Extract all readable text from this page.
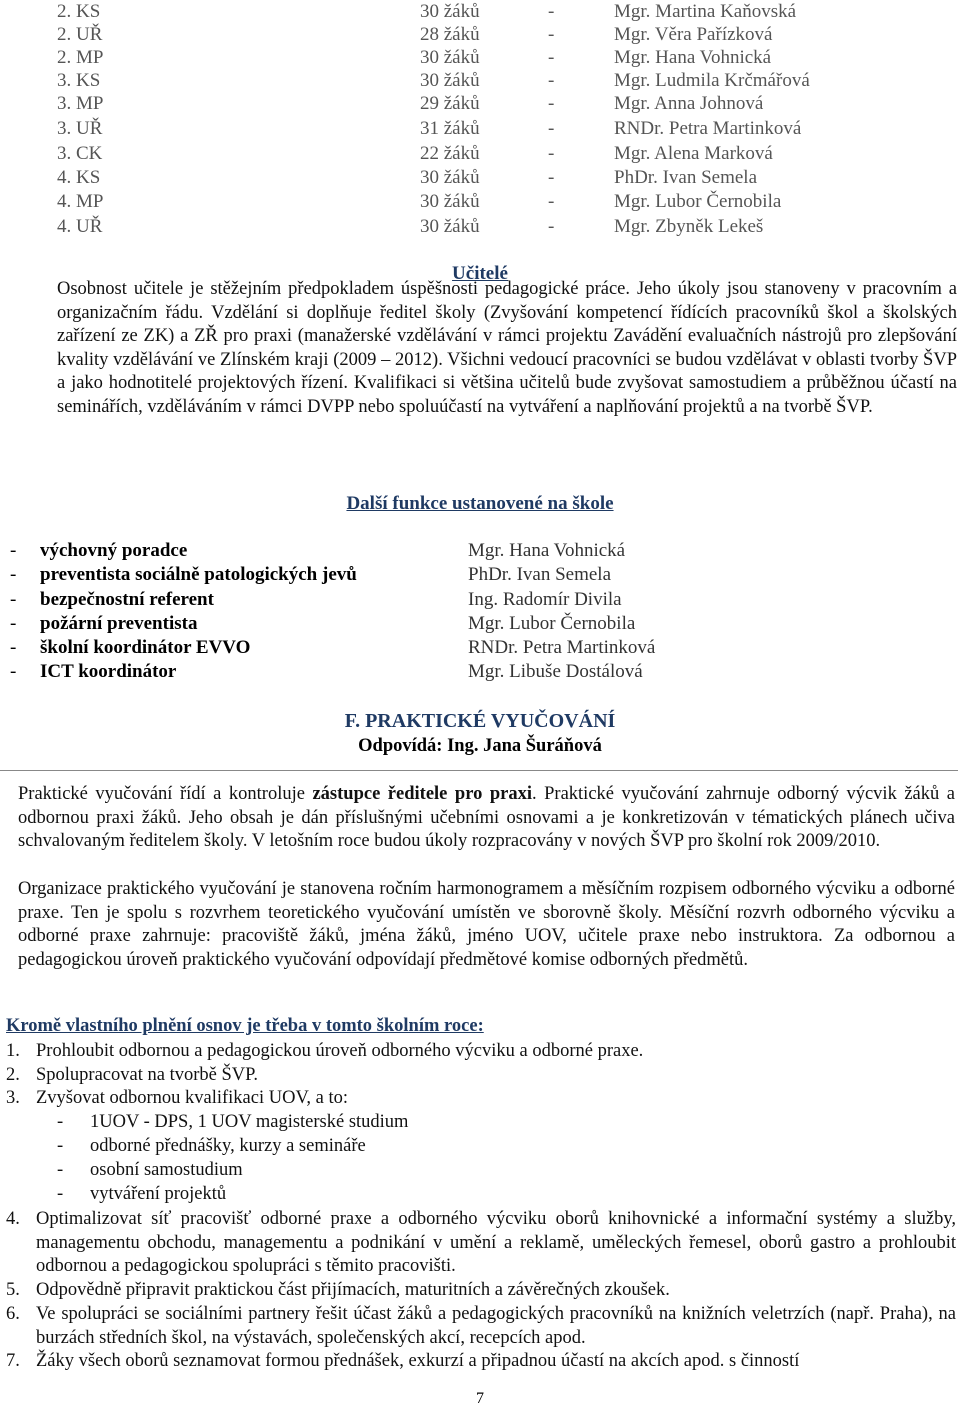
2. KS	30 žáků	-	Mgr. Martina Kaňovská
2. UŘ	28 žáků	-	Mgr. Věra Pařízková
2. MP	30 žáků	-	Mgr. Hana Vohnická
3. KS	30 žáků	-	Mgr. Ludmila Krčmářová
3. MP	29 žáků	-	Mgr. Anna Johnová
3. UŘ	31 žáků	-	RNDr. Petra Martinková
3. CK	22 žáků	-	Mgr. Alena Marková
4. KS	30 žáků	-	PhDr. Ivan Semela
4. MP	30 žáků	-	Mgr. Lubor Černobila
4. UŘ	30 žáků	-	Mgr. Zbyněk Lekeš
Učitelé
Osobnost učitele je stěžejním předpokladem úspěšnosti pedagogické práce. Jeho úkoly jsou stanoveny v pracovním a organizačním řádu. Vzdělání si doplňuje ředitel školy (Zvyšování kompetencí řídících pracovníků škol a školských zařízení ze ZK) a ZŘ pro praxi (manažerské vzdělávání v rámci projektu Zavádění evaluačních nástrojů pro zlepšování kvality vzdělávání ve Zlínském kraji (2009 – 2012). Všichni vedoucí pracovníci se budou vzdělávat v oblasti tvorby ŠVP a jako hodnotitelé projektových řízení. Kvalifikaci si většina učitelů bude zvyšovat samostudiem a průběžnou účastí na seminářích, vzděláváním v rámci DVPP nebo spoluúčastí na vytváření a naplňování projektů a na tvorbě ŠVP.
Další funkce ustanovené na škole
- výchovný poradce	Mgr. Hana Vohnická
- preventista sociálně patologických jevů	PhDr. Ivan Semela
- bezpečnostní referent	Ing. Radomír Divila
- požární preventista	Mgr. Lubor Černobila
- školní koordinátor EVVO	RNDr. Petra Martinková
- ICT koordinátor	Mgr. Libuše Dostálová
F. PRAKTICKÉ VYUČOVÁNÍ
Odpovídá: Ing. Jana Šuráňová
Praktické vyučování řídí a kontroluje zástupce ředitele pro praxi. Praktické vyučování zahrnuje odborný výcvik žáků a odbornou praxi žáků. Jeho obsah je dán příslušnými učebními osnovami a je konkretizován v tématických plánech učiva schvalovaným ředitelem školy. V letošním roce budou úkoly rozpracovány v nových ŠVP pro školní rok 2009/2010.
Organizace praktického vyučování je stanovena ročním harmonogramem a měsíčním rozpisem odborného výcviku a odborné praxe. Ten je spolu s rozvrhem teoretického vyučování umístěn ve sborovně školy. Měsíční rozvrh odborného výcviku a odborné praxe zahrnuje: pracoviště žáků, jména žáků, jméno UOV, učitele praxe nebo instruktora. Za odbornou a pedagogickou úroveň praktického vyučování odpovídají předmětové komise odborných předmětů.
Kromě vlastního plnění osnov je třeba v tomto školním roce:
1. Prohloubit odbornou a pedagogickou úroveň odborného výcviku a odborné praxe.
2. Spolupracovat na tvorbě ŠVP.
3. Zvyšovat odbornou kvalifikaci UOV, a to:
- 1UOV - DPS, 1 UOV magisterské studium
- odborné přednášky, kurzy a semináře
- osobní samostudium
- vytváření projektů
4. Optimalizovat síť pracovišť odborné praxe a odborného výcviku oborů knihovnické a informační systémy a služby, managementu obchodu, managementu a podnikání v umění a reklamě, uměleckých řemesel, oborů gastro a prohloubit odbornou a pedagogickou spolupráci s těmito pracovišti.
5. Odpovědně připravit praktickou část přijímacích, maturitních a závěrečných zkoušek.
6. Ve spolupráci se sociálními partnery řešit účast žáků a pedagogických pracovníků na knižních veletrzích (např. Praha), na burzách středních škol, na výstavách, společenských akcí, recepcích apod.
7. Žáky všech oborů seznamovat formou přednášek, exkurzí a připadnou účastí na akcích apod. s činností
7
